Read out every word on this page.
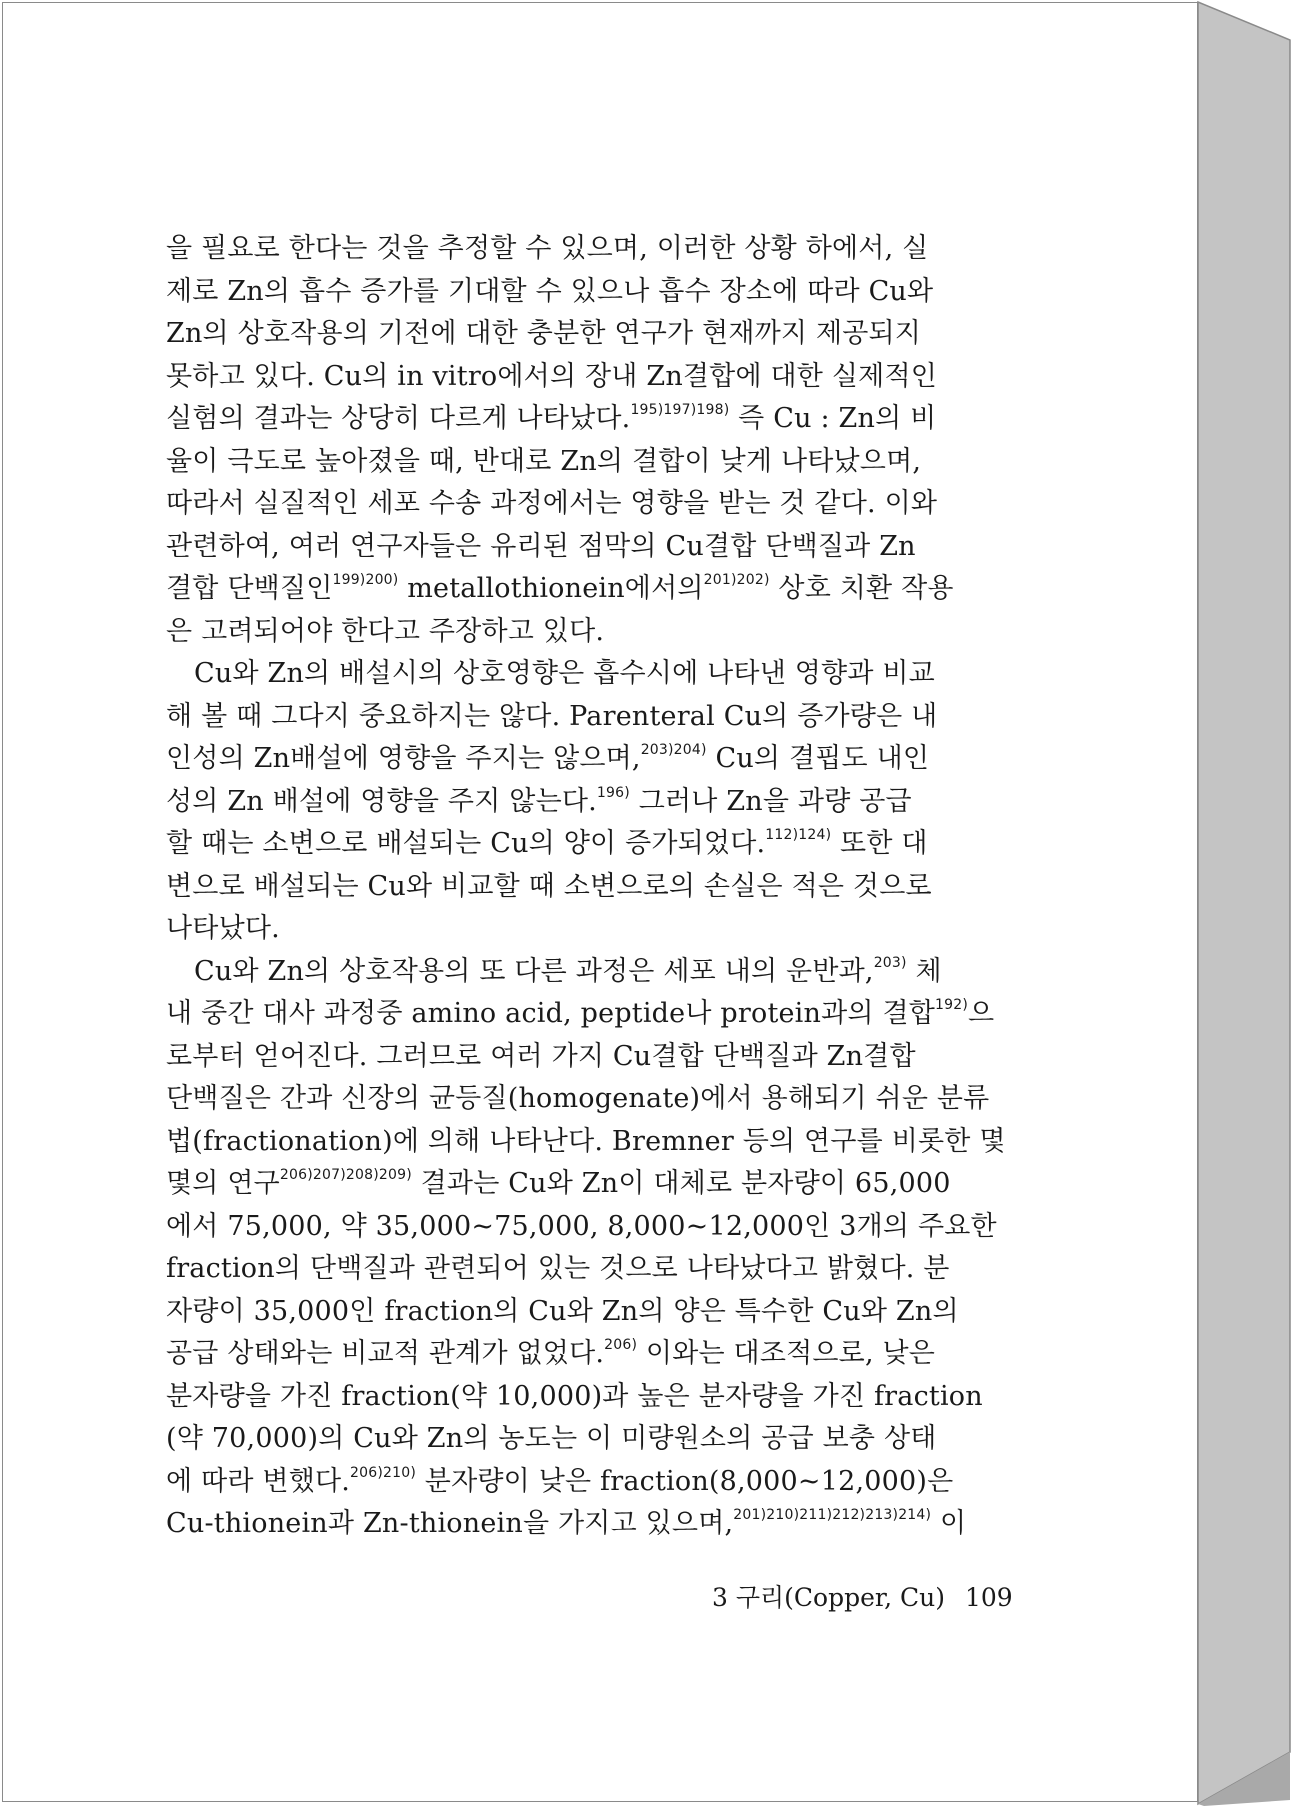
을 필요로 한다는 것을 추정할 수 있으며, 이러한 상황 하에서, 실
제로 Zn의 흡수 증가를 기대할 수 있으나 흡수 장소에 따라 Cu와
Zn의 상호작용의 기전에 대한 충분한 연구가 현재까지 제공되지
못하고 있다. Cu의 in vitro에서의 장내 Zn결합에 대한 실제적인
실험의 결과는 상당히 다르게 나타났다.$^{195)197)198)}$ 즉 Cu : Zn의 비
율이 극도로 높아졌을 때, 반대로 Zn의 결합이 낮게 나타났으며,
따라서 실질적인 세포 수송 과정에서는 영향을 받는 것 같다. 이와
관련하여, 여러 연구자들은 유리된 점막의 Cu결합 단백질과 Zn
결합 단백질인$^{199)200)}$ metallothionein에서의$^{201)202)}$ 상호 치환 작용
은 고려되어야 한다고 주장하고 있다.
Cu와 Zn의 배설시의 상호영향은 흡수시에 나타낸 영향과 비교
해 볼 때 그다지 중요하지는 않다. Parenteral Cu의 증가량은 내
인성의 Zn배설에 영향을 주지는 않으며,$^{203)204)}$ Cu의 결핍도 내인
성의 Zn 배설에 영향을 주지 않는다.$^{196)}$ 그러나 Zn을 과량 공급
할 때는 소변으로 배설되는 Cu의 양이 증가되었다.$^{112)124)}$ 또한 대
변으로 배설되는 Cu와 비교할 때 소변으로의 손실은 적은 것으로
나타났다.
Cu와 Zn의 상호작용의 또 다른 과정은 세포 내의 운반과,$^{203)}$ 체
내 중간 대사 과정중 amino acid, peptide나 protein과의 결합$^{192)}$으
로부터 얻어진다. 그러므로 여러 가지 Cu결합 단백질과 Zn결합
단백질은 간과 신장의 균등질(homogenate)에서 용해되기 쉬운 분류
법(fractionation)에 의해 나타난다. Bremner 등의 연구를 비롯한 몇
몇의 연구$^{206)207)208)209)}$ 결과는 Cu와 Zn이 대체로 분자량이 65,000
에서 75,000, 약 35,000~75,000, 8,000~12,000인 3개의 주요한
fraction의 단백질과 관련되어 있는 것으로 나타났다고 밝혔다. 분
자량이 35,000인 fraction의 Cu와 Zn의 양은 특수한 Cu와 Zn의
공급 상태와는 비교적 관계가 없었다.$^{206)}$ 이와는 대조적으로, 낮은
분자량을 가진 fraction(약 10,000)과 높은 분자량을 가진 fraction
(약 70,000)의 Cu와 Zn의 농도는 이 미량원소의 공급 보충 상태
에 따라 변했다.$^{206)210)}$ 분자량이 낮은 fraction(8,000~12,000)은
Cu-thionein과 Zn-thionein을 가지고 있으며,$^{201)210)211)212)213)214)}$ 이
3 구리(Copper, Cu) 109
